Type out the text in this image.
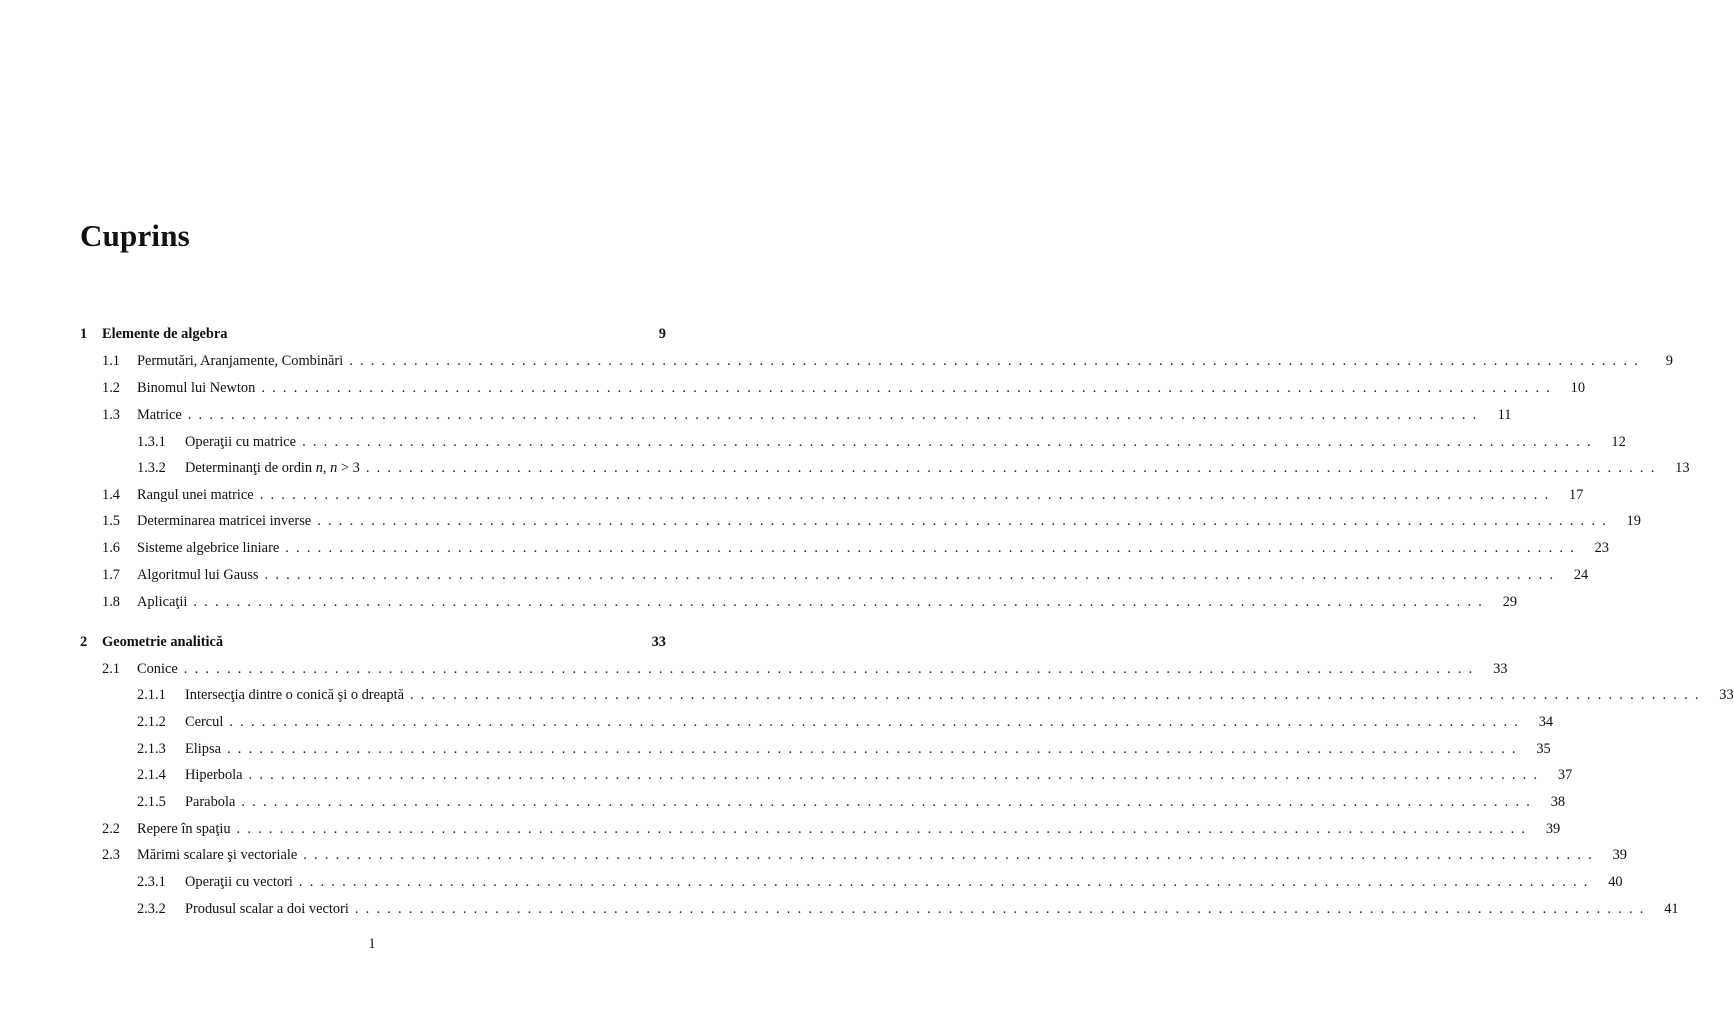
Cuprins
1	Elemente de algebra	9
1.1	Permutări, Aranjamente, Combinări ........................................................................................................................	9
1.2	Binomul lui Newton ........................................................................................................................ 10
1.3	Matrice ........................................................................................................................ 11
1.3.1	Operaţii cu matrice ........................................................................................................................ 12
1.3.2	Determinanţi de ordin n, n > 3 ........................................................................................................................ 13
1.4	Rangul unei matrice ........................................................................................................................ 17
1.5	Determinarea matricei inverse ........................................................................................................................ 19
1.6	Sisteme algebrice liniare ........................................................................................................................ 23
1.7	Algoritmul lui Gauss ........................................................................................................................ 24
1.8	Aplicaţii ........................................................................................................................ 29
2	Geometrie analitică	33
2.1	Conice ........................................................................................................................ 33
2.1.1	Intersecţia dintre o conică şi o dreaptă ........................................................................................................................ 33
2.1.2	Cercul ........................................................................................................................ 34
2.1.3	Elipsa ........................................................................................................................ 35
2.1.4	Hiperbola ........................................................................................................................ 37
2.1.5	Parabola ........................................................................................................................ 38
2.2	Repere în spaţiu ........................................................................................................................ 39
2.3	Mărimi scalare şi vectoriale ........................................................................................................................ 39
2.3.1	Operaţii cu vectori ........................................................................................................................ 40
2.3.2	Produsul scalar a doi vectori ........................................................................................................................ 41
1
